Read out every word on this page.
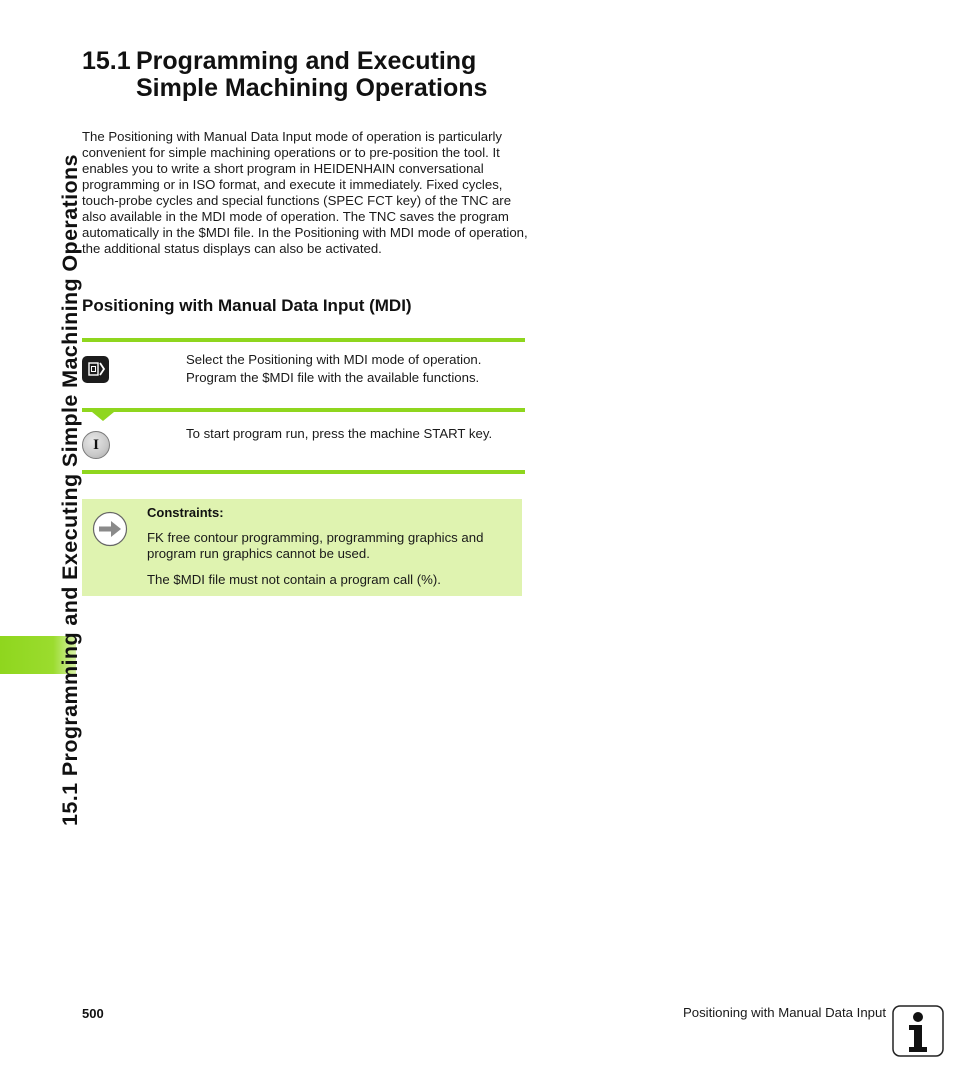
15.1 Programming and Executing Simple Machining Operations
15.1 Programming and Executing
Simple Machining Operations

The Positioning with Manual Data Input mode of operation is particularly convenient for simple machining operations or to pre-position the tool. It enables you to write a short program in HEIDENHAIN conversational programming or in ISO format, and execute it immediately. Fixed cycles, touch-probe cycles and special functions (SPEC FCT key) of the TNC are also available in the MDI mode of operation. The TNC saves the program automatically in the $MDI file. In the Positioning with MDI mode of operation, the additional status displays can also be activated.

Positioning with Manual Data Input (MDI)

Select the Positioning with MDI mode of operation.
Program the $MDI file with the available functions.

I

To start program run, press the machine START key.

Constraints:

FK free contour programming, programming graphics and program run graphics cannot be used.

The $MDI file must not contain a program call (%).

500	Positioning with Manual Data Input
